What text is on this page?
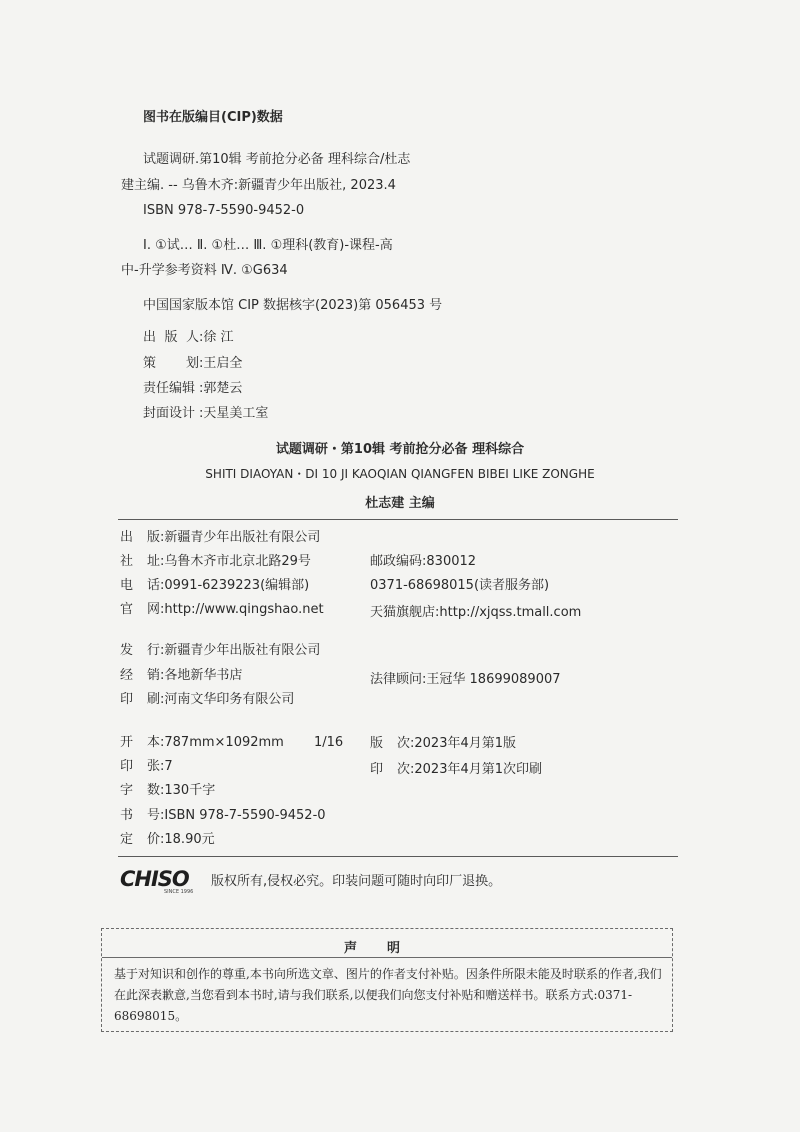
图书在版编目(CIP)数据
试题调研.第10辑 考前抢分必备 理科综合/杜志
建主编. -- 乌鲁木齐:新疆青少年出版社, 2023.4
ISBN 978-7-5590-9452-0
Ⅰ. ①试… Ⅱ. ①杜… Ⅲ. ①理科(教育)-课程-高
中-升学参考资料 Ⅳ. ①G634
中国国家版本馆 CIP 数据核字(2023)第 056453 号
出版人:徐 江
策 划:王启全
责任编辑 :郭楚云
封面设计 :天星美工室
试题调研・第10辑 考前抢分必备 理科综合
SHITI DIAOYAN・DI 10 JI KAOQIAN QIANGFEN BIBEI LIKE ZONGHE
杜志建 主编
出 版:新疆青少年出版社有限公司
社 址:乌鲁木齐市北京北路29号	邮政编码:830012
电 话:0991-6239223(编辑部)	0371-68698015(读者服务部)
官 网:http://www.qingshao.net	天猫旗舰店:http://xjqss.tmall.com
发 行:新疆青少年出版社有限公司
经 销:各地新华书店	法律顾问:王冠华 18699089007
印 刷:河南文华印务有限公司
开 本:787mm×1092mm 1/16 版 次:2023年4月第1版
印 张:7	印 次:2023年4月第1次印刷
字 数:130千字
书 号:ISBN 978-7-5590-9452-0
定 价:18.90元
CHISO
SINCE 1996
版权所有,侵权必究。印装问题可随时向印厂退换。
声明
基于对知识和创作的尊重,本书向所选文章、图片的作者支付补贴。因条件所限未能及时联系的作者,我们在此深表歉意,当您看到本书时,请与我们联系,以便我们向您支付补贴和赠送样书。联系方式:0371-68698015。
